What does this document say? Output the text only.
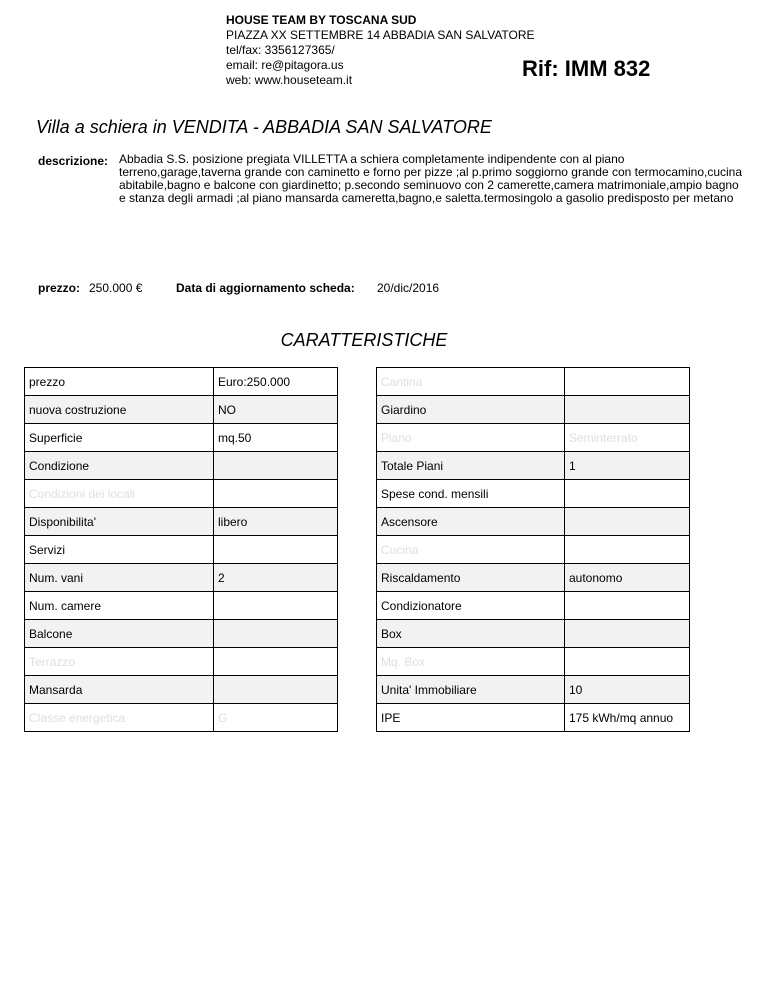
HOUSE TEAM BY TOSCANA SUD
PIAZZA XX SETTEMBRE 14 ABBADIA SAN SALVATORE
tel/fax: 3356127365/
email: re@pitagora.us
web: www.houseteam.it	Rif: IMM 832
Villa a schiera in VENDITA - ABBADIA SAN SALVATORE
descrizione: Abbadia S.S. posizione pregiata VILLETTA a schiera completamente indipendente con al piano terreno,garage,taverna grande con caminetto e forno per pizze ;al p.primo soggiorno grande con termocamino,cucina abitabile,bagno e balcone con giardinetto; p.secondo seminuovo con 2 camerette,camera matrimoniale,ampio bagno e stanza degli armadi ;al piano mansarda cameretta,bagno,e saletta.termosingolo a gasolio predisposto per metano
prezzo: 250.000 €	Data di aggiornamento scheda: 20/dic/2016
CARATTERISTICHE
prezzo	Euro:250.000
nuova costruzione	NO
Superficie	mq.50
Condizione	
Condizioni dei locali	
Disponibilita'	libero
Servizi	
Num. vani	2
Num. camere	
Balcone	
Terrazzo	
Mansarda	
Classe energetica	G
Cantina	
Giardino	
Piano	Seminterrato
Totale Piani	1
Spese cond. mensili	
Ascensore	
Cucina	
Riscaldamento	autonomo
Condizionatore	
Box	
Mq. Box	
Unita' Immobiliare	10
IPE	175 kWh/mq annuo
